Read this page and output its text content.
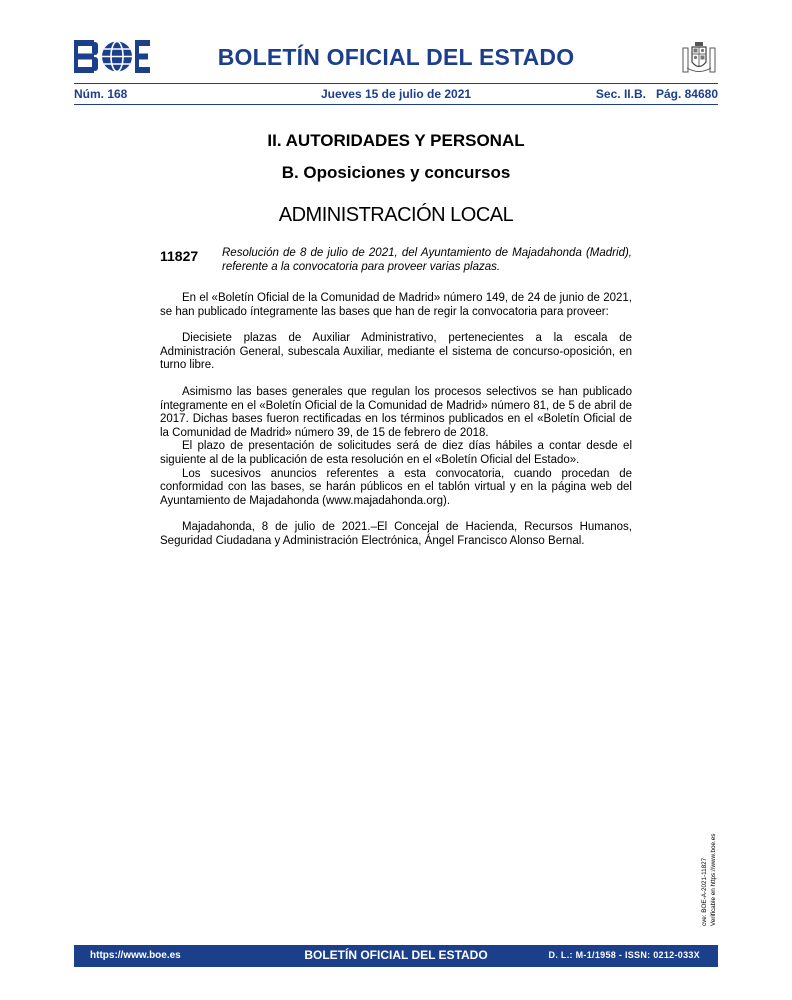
BOLETÍN OFICIAL DEL ESTADO
Núm. 168	Jueves 15 de julio de 2021	Sec. II.B.   Pág. 84680
II. AUTORIDADES Y PERSONAL
B. Oposiciones y concursos
ADMINISTRACIÓN LOCAL
11827 Resolución de 8 de julio de 2021, del Ayuntamiento de Majadahonda (Madrid), referente a la convocatoria para proveer varias plazas.

En el «Boletín Oficial de la Comunidad de Madrid» número 149, de 24 de junio de 2021, se han publicado íntegramente las bases que han de regir la convocatoria para proveer:

Diecisiete plazas de Auxiliar Administrativo, pertenecientes a la escala de Administración General, subescala Auxiliar, mediante el sistema de concurso-oposición, en turno libre.

Asimismo las bases generales que regulan los procesos selectivos se han publicado íntegramente en el «Boletín Oficial de la Comunidad de Madrid» número 81, de 5 de abril de 2017. Dichas bases fueron rectificadas en los términos publicados en el «Boletín Oficial de la Comunidad de Madrid» número 39, de 15 de febrero de 2018.

El plazo de presentación de solicitudes será de diez días hábiles a contar desde el siguiente al de la publicación de esta resolución en el «Boletín Oficial del Estado».

Los sucesivos anuncios referentes a esta convocatoria, cuando procedan de conformidad con las bases, se harán públicos en el tablón virtual y en la página web del Ayuntamiento de Majadahonda (www.majadahonda.org).

Majadahonda, 8 de julio de 2021.–El Concejal de Hacienda, Recursos Humanos, Seguridad Ciudadana y Administración Electrónica, Ángel Francisco Alonso Bernal.

cve: BOE-A-2021-11827 Verificable en https://www.boe.es
https://www.boe.es	BOLETÍN OFICIAL DEL ESTADO	D. L.: M-1/1958 - ISSN: 0212-033X
